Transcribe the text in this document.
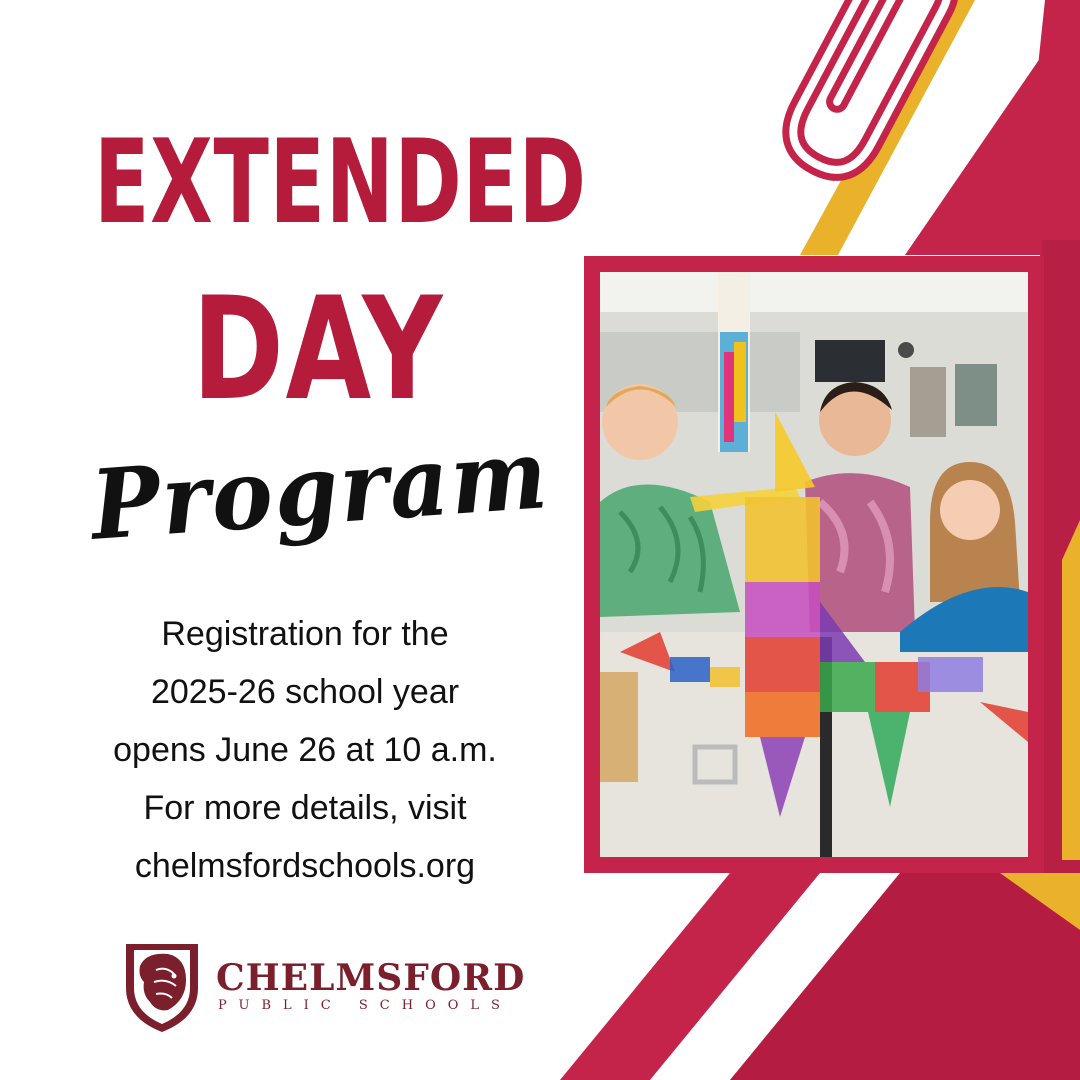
EXTENDED
DAY
Program

Registration for the
2025-26 school year
opens June 26 at 10 a.m.
For more details, visit
chelmsfordschools.org

CHELMSFORD

PUBLIC SCHOOLS
